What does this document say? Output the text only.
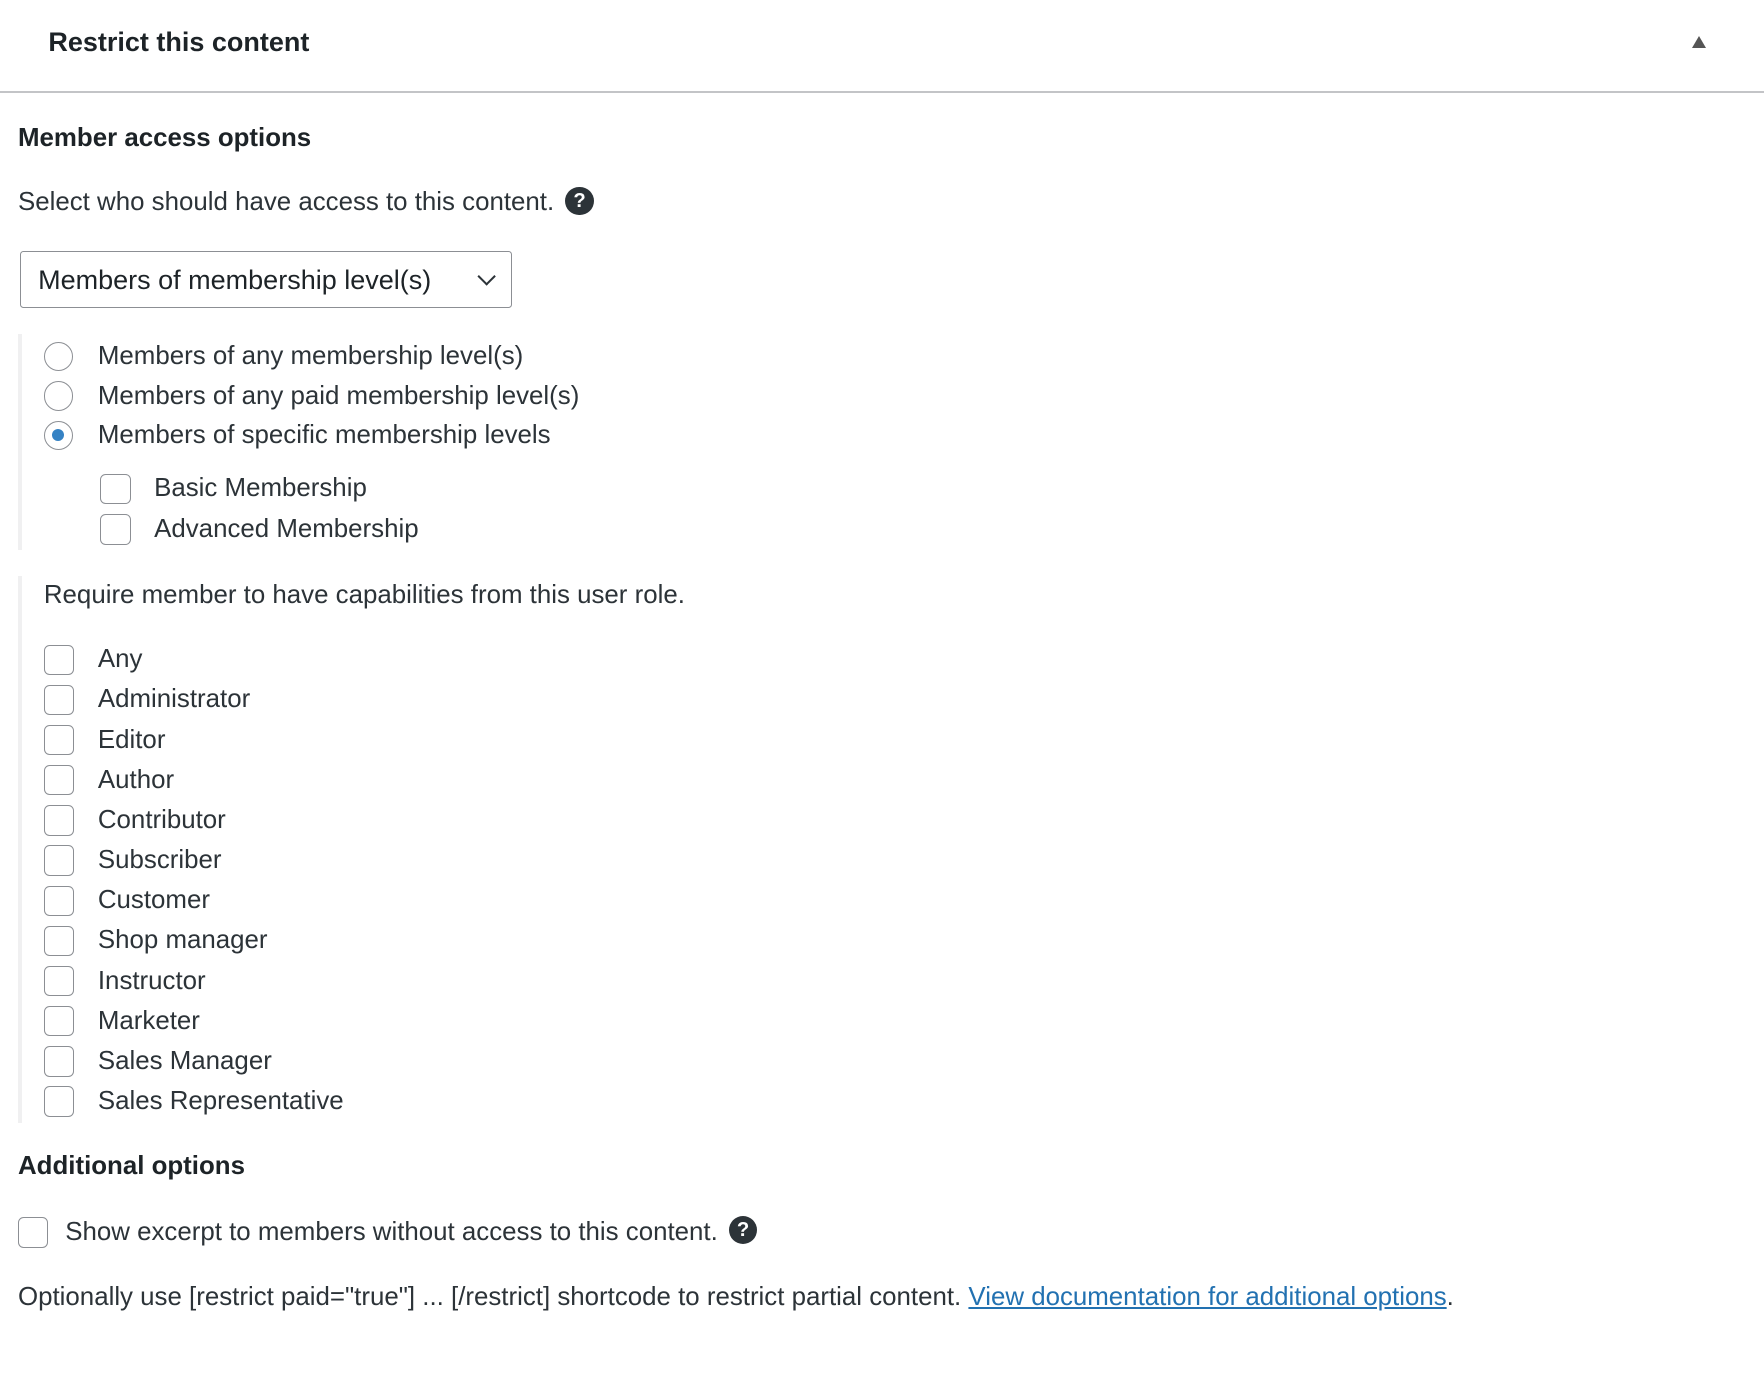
Restrict this content
Member access options
Select who should have access to this content. ?
Members of membership level(s)
Members of any membership level(s)
Members of any paid membership level(s)
Members of specific membership levels
Basic Membership
Advanced Membership
Require member to have capabilities from this user role.
Any
Administrator
Editor
Author
Contributor
Subscriber
Customer
Shop manager
Instructor
Marketer
Sales Manager
Sales Representative
Additional options
Show excerpt to members without access to this content.	?
Optionally use [restrict paid="true"] ... [/restrict] shortcode to restrict partial content. View documentation for additional options.
